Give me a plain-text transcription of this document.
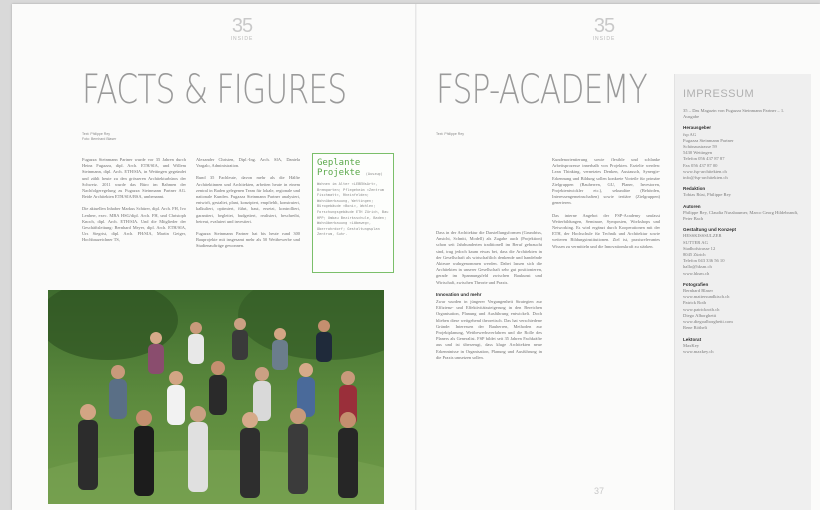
35
INSIDE
FACTS & FIGURES
Text: Philippe Rey
Foto: Bernhard Blaser

Fugazza Steinmann Partner wurde vor 35 Jahren durch Heinz Fugazza, dipl. Arch. ETH/SIA, und Willem Steinmann, dipl. Arch. ETH/SIA, in Wettingen gegründet und zählt heute zu den grösseren Architekturbüros der Schweiz. 2011 wurde das Büro im Rahmen der Nachfolgeregelung zu Fugazza Steinmann Partner AG. Beide Architekten ETH/SIA/BSA, umbenannt.

Die aktuellen Inhaber Markus Schürer, dipl. Arch. FH, Ivo Lenherr, exec. MBA HSG/dipl. Arch. FH, und Christoph Knoch, dipl. Arch. ETH/SIA. Und die Mitglieder der Geschäftsleitung: Bernhard Meyer, dipl. Arch. ETH/SIA, Urs Siegrist, dipl. Arch. FH/SIA, Martin Geiger, Hochbauzeichner TS,

Alexander Christen, Dipl.-Ing. Arch. SIA, Daniela Vargalo, Administration.

Rund 35 Fachleute, davon mehr als die Hälfte Architektinnen und Architekten, arbeiten heute in einem zentral in Baden gelegenen Team für lokale, regionale und nationale Kunden. Fugazza Steinmann Partner analysiert, entwirft, gestaltet, plant, konzipiert, empfiehlt, konstruiert, kalkuliert, optimiert, führt, baut, ersetzt, kontrolliert, garantiert, begleitet, budgetiert, realisiert, beschreibt, betreut, evaluiert und investiert.

Fugazza Steinmann Partner hat bis heute rund 300 Bauprojekte mit insgesamt mehr als 50 Wettbewerbe und Studienaufträge gewonnen.

Geplante
Projekte (Auszug)
Wohnen im Alter «LEBENsArt», Bremgarten; Pflegeheim «Zentrum Fischmatt», Rheinfelden; Wohnüberbauung, Wettingen; Bürogebäude «Boni», Wohlen; Forschungsgebäude ETH Zürich, Bau HPP; Umbau Bezirksschule, Baden; Wohnüberbauung «Läbeweg», Oberrohrdorf; Gestaltungsplan Zentrum, Suhr.
35
INSIDE
FSP-ACADEMY
Text: Philippe Rey

Dass in der Architektur die Darstellungsformen (Grundriss, Ansicht, Schnitt, Modell) als Zugabe auch (Projektion) schon seit Jahrhunderten traditionell im Beruf gebraucht sind, trug jedoch kaum etwas bei, dass die Architekten in der Gesellschaft als wirtschaftlich denkende und handelnde Akteure wahrgenommen werden. Dabei lassen sich die Architekten in unserer Gesellschaft sehr gut positionieren, gerade im Spannungsfeld zwischen Baukunst und Wirtschaft, zwischen Theorie und Praxis.

Innovation und mehr

Zwar wurden in jüngerer Vergangenheit Strategien zur Effizienz- und Effektivitätssteigerung in den Bereichen Organisation, Planung und Ausführung entwickelt. Doch blieben diese weitgehend theoretisch. Das hat verschiedene Gründe: Interessen der Bauherren, Methoden zur Projektplanung, Wettbewerbsverfahren und die Rolle des Planers als Generalist. FSP bildet seit 35 Jahren Fachkräfte aus und ist überzeugt, dass kluge Architekten neue Erkenntnisse in Organisation, Planung und Ausführung in die Praxis umsetzen sollen.

Kundenorientierung sowie flexible und schlanke Arbeitsprozesse innerhalb von Projekten. Erzielte werden: Lean Thinking, vernetztes Denken, Austausch, Synergie-Erkennung und Bildung sollen konkrete Vorteile für primäre Zielgruppen (Bauherren, GU, Planer, Investoren, Projektentwickler etc.), sekundäre (Behörden, Interessengemeinschaften) sowie tertiäre (Zielgruppen) generieren.

Das interne Angebot der FSP-Academy umfasst Weiterbildungen, Seminare, Symposien, Workshops und Networking. Es wird ergänzt durch Kooperationen mit der ETH, der Hochschule für Technik und Architektur sowie weiteren Bildungsinstitutionen. Ziel ist, praxisrelevantes Wissen zu vermitteln und die Innovationskraft zu stärken.

IMPRESSUM
35 – Das Magazin von Fugazza Steinmann Partner – 1. Ausgabe
Herausgeber
fsp AG
Fugazza Steinmann Partner
Schönaustrasse 59
5430 Wettingen
Telefon 056 437 87 87
Fax 056 437 87 00
www.fsp-architekten.ch
info@fsp-architekten.ch
Redaktion
Tobias Rüst, Philippe Rey
Autoren
Philippe Rey, Claudia Nussbaumer, Marco Georg Hildebrandt, Peter Bach
Gestaltung und Konzept
HESSKISSSULZER
SUTTER AG
Stadhofstrasse 12
8045 Zürich
Telefon 043 336 56 10
hallo@hksm.ch
www.hksm.ch
Fotografien
Bernhard Blaser
www.mattersundkisch.ch
Patrick Roth
www.patrickroth.ch
Diego Alborghetti
www.diegoalborghetti.com
Rene Rötheli
Lektorat
MaxKey
www.maxkey.ch
37
